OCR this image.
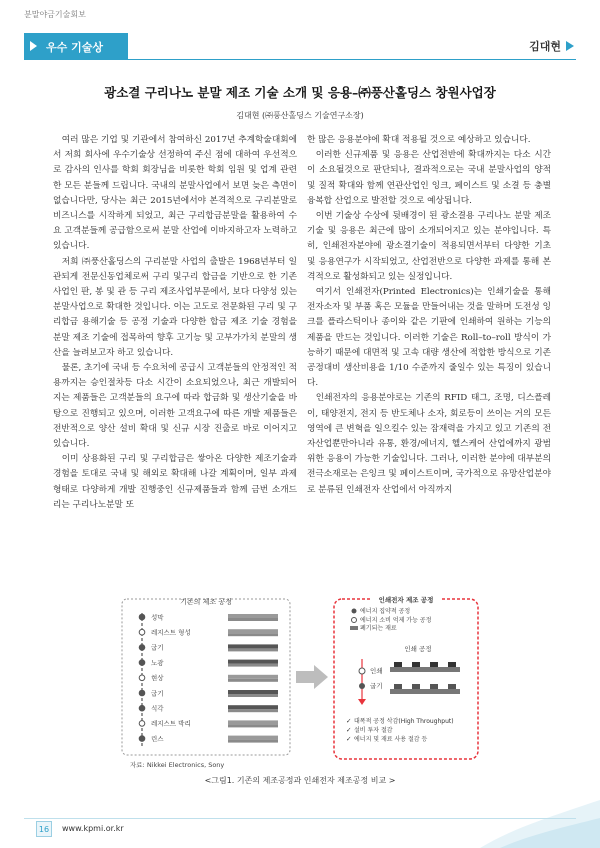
분말야금기술회보
우수 기술상	김대현
광소결 구리나노 분말 제조 기술 소개 및 응용–㈜풍산홀딩스 창원사업장
김대현 (㈜풍산홀딩스 기술연구소장)

여러 많은 기업 및 기관에서 참여하신 2017년 추계학술대회에서 저희 회사에 우수기술상 선정하여 주신 점에 대하여 우선적으로 감사의 인사를 학회 회장님을 비롯한 학회 임원 및 업계 관련한 모든 분들께 드립니다. 국내의 분말사업에서 보면 늦은 측면이 없습니다만, 당사는 최근 2015년에서야 본격적으로 구리분말로 비즈니스를 시작하게 되었고, 최근 구리합금분말을 활용하여 수요 고객분들께 공급함으로써 분말 산업에 이바지하고자 노력하고 있습니다.

저희 ㈜풍산홀딩스의 구리분말 사업의 출발은 1968년부터 일관되게 전문신동업체로써 구리 및구리 합금을 기반으로 한 기존사업인 판, 봉 및 관 등 구리 제조사업부문에서, 보다 다양성 있는 분말사업으로 확대한 것입니다. 이는 고도로 전문화된 구리 및 구리합금 용해기술 등 공정 기술과 다양한 합금 제조 기술 경험을 분말 제조 기술에 접목하여 향후 고기능 및 고부가가치 분말의 생산을 늘려보고자 하고 있습니다.

물론, 초기에 국내 등 수요처에 공급시 고객분들의 안정적인 적용까지는 승인절차등 다소 시간이 소요되었으나, 최근 개발되어지는 제품들은 고객분들의 요구에 따라 합금화 및 생산기술을 바탕으로 진행되고 있으며, 이러한 고객요구에 따른 개발 제품들은 전반적으로 양산 설비 확대 및 신규 시장 진출로 바로 이어지고 있습니다.

이미 상용화된 구리 및 구리합금은 쌓아온 다양한 제조기술과 경험을 토대로 국내 및 해외로 확대해 나갈 계획이며, 일부 과제 형태로 다양하게 개발 진행중인 신규제품들과 함께 금번 소개드리는 구리나노분말 또

한 많은 응용분야에 확대 적용될 것으로 예상하고 있습니다.

이러한 신규제품 및 응용은 산업전반에 확대까지는 다소 시간이 소요될것으로 판단되나, 결과적으로는 국내 분말사업의 양적 및 질적 확대와 함께 연관산업인 잉크, 페이스트 및 소결 등 충별 융복합 산업으로 발전할 것으로 예상됩니다.

이번 기술상 수상에 뒷배경이 된 광소결용 구리나노 분말 제조기술 및 응용은 최근에 많이 소개되어지고 있는 분야입니다. 특히, 인쇄전자분야에 광소결기술이 적용되면서부터 다양한 기초 및 응용연구가 시작되었고, 산업전반으로 다양한 과제를 통해 본격적으로 활성화되고 있는 실정입니다.

여기서 인쇄전자(Printed Electronics)는 인쇄기술을 통해 전자소자 및 부품 혹은 모듈을 만들어내는 것을 말하며 도전성 잉크를 플라스틱이나 종이와 같은 기판에 인쇄하여 원하는 기능의 제품을 만드는 것입니다. 이러한 기술은 Roll–to–roll 방식이 가능하기 때문에 대면적 및 고속 대량 생산에 적합한 방식으로 기존공정대비 생산비용을 1/10 수준까지 줄일수 있는 특징이 있습니다.

인쇄전자의 응용분야로는 기존의 RFID 태그, 조명, 디스플레이, 태양전지, 전지 등 반도체나 소자, 회로등이 쓰이는 거의 모든 영역에 큰 변혁을 일으킬수 있는 잠재력을 가지고 있고 기존의 전자산업뿐만아니라 유통, 환경/에너지, 헬스케어 산업에까지 광범위한 응용이 가능한 기술입니다. 그러나, 이러한 분야에 대부분의 전극소재로는 은잉크 및 페이스트이며, 국가적으로 유망산업분야로 분류된 인쇄전자 산업에서 아직까지

기존의 제조 공정
성막
레지스트 형성
굽기
노광
현상
굽기
식각
레지스트 박리
린스
인쇄전자 제조 공정
에너지 집약적 공정
에너지 소비 억제 가능 공정
폐기되는 재료
인쇄 공정
인쇄
굽기
✓ 대폭적 공정 삭감(High Throughput)
✓ 설비 투자 절감
✓ 에너지 및 재료 사용 절감 등
자료: Nikkei Electronics, Sony
<그림1. 기존의 제조공정과 인쇄전자 제조공정 비교 >
16	www.kpmi.or.kr
